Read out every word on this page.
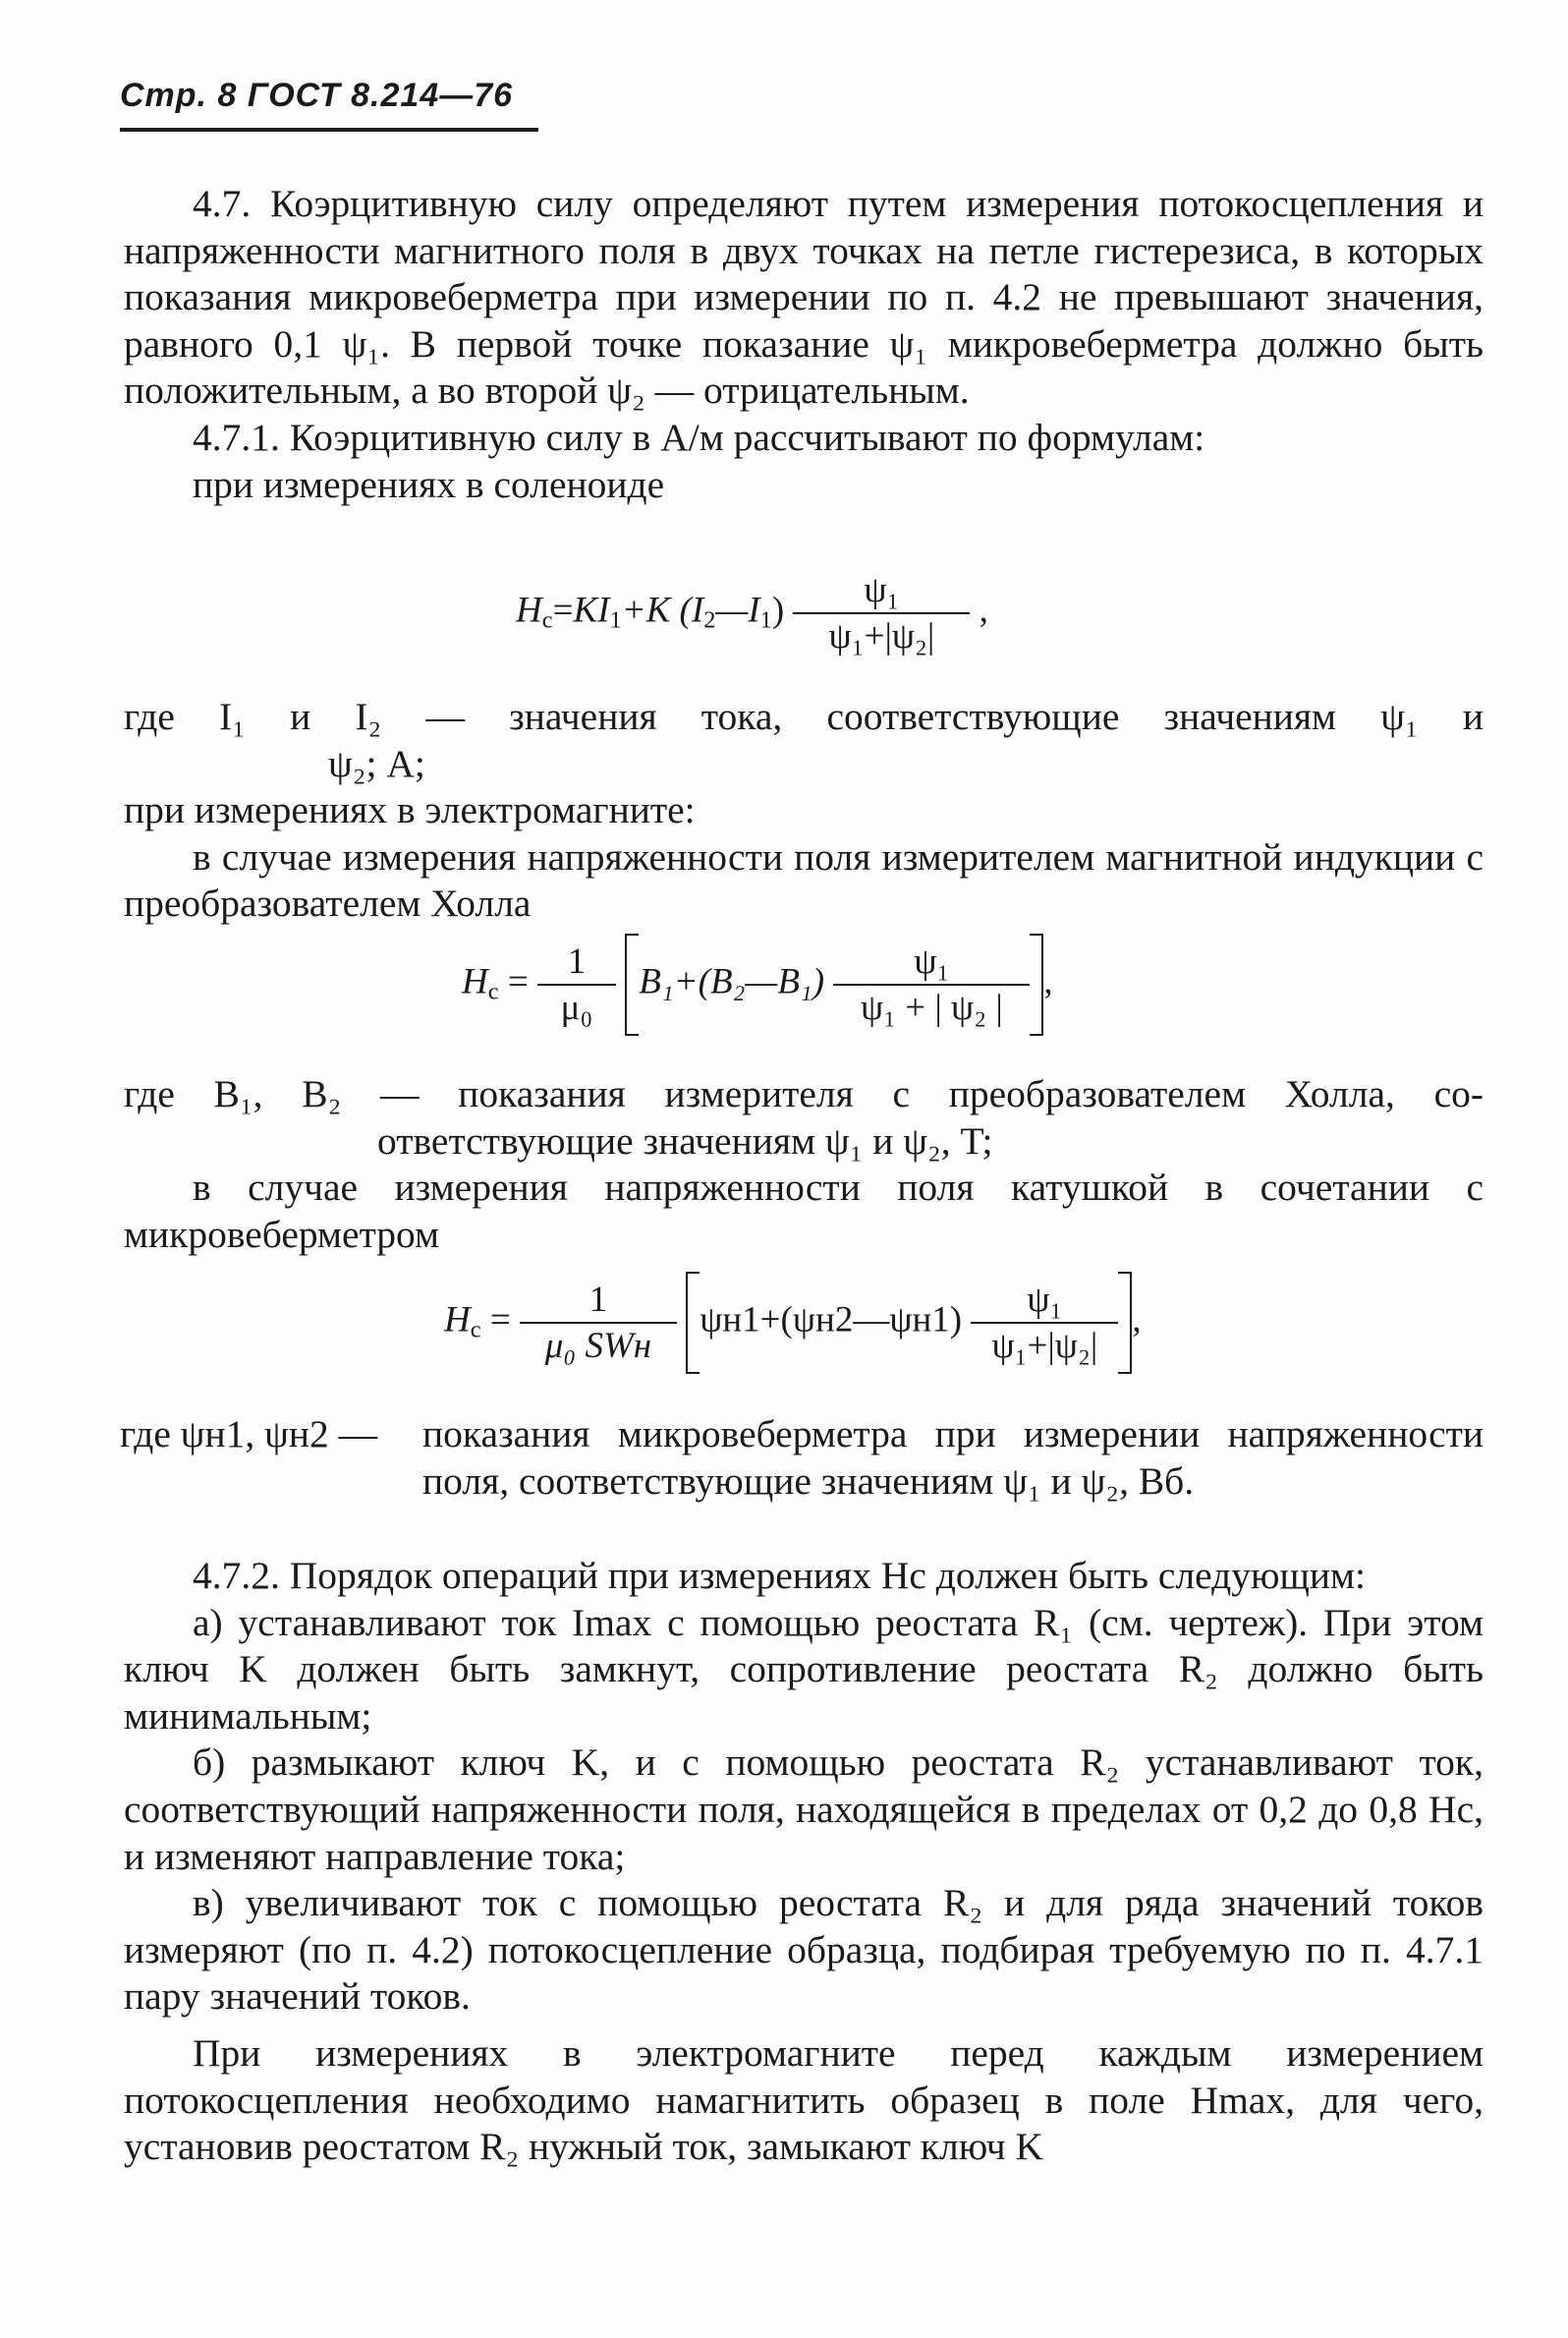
Стр. 8 ГОСТ 8.214—76

4.7. Коэрцитивную силу определяют путем измерения потокосцепления и напряженности магнитного поля в двух точках на петле гистерезиса, в которых показания микровеберметра при измерении по п. 4.2 не превышают значения, равного 0,1 ψ₁. В первой точке показание ψ₁ микровеберметра должно быть положительным, а во второй ψ₂ — отрицательным.

4.7.1. Коэрцитивную силу в А/м рассчитывают по формулам:

при измерениях в соленоиде

$H_c=KI_1+K$ $(I_2—I_1) \frac{\text{ψ₁}}{\text{ψ₁+|ψ₂|}}$ ,

где I₁ и I₂ — значения тока, соответствующие значениям ψ₁ и

ψ₂; А;

при измерениях в электромагните:

в случае измерения напряженности поля измерителем магнитной индукции с преобразователем Холла

$H_c = \frac{1}{\text{μ₀}}$ B₁+(B₂—B₁) $\frac{\text{ψ₁}}{\text{ψ₁ + | ψ₂ |}}$ ,

где B₁, B₂ — показания измерителя с преобразователем Холла, со-

ответствующие значениям ψ₁ и ψ₂, T;

в случае измерения напряженности поля катушкой в сочетании с микровеберметром

$H_c = \frac{1}{\text{μ₀ SWн}}$ ψн1+(ψн2—ψн1) $\frac{\text{ψ₁}}{\text{ψ₁+|ψ₂|}}$ ,
где ψн1, ψн2 — показания микровеберметра при измерении напряженности поля, соответствующие значениям ψ₁ и ψ₂, Вб.

4.7.2. Порядок операций при измерениях Hc должен быть следующим:

а) устанавливают ток Imax с помощью реостата R₁ (см. чертеж). При этом ключ K должен быть замкнут, сопротивление реостата R₂ должно быть минимальным;

б) размыкают ключ K, и с помощью реостата R₂ устанавливают ток, соответствующий напряженности поля, находящейся в пределах от 0,2 до 0,8 Hc, и изменяют направление тока;

в) увеличивают ток с помощью реостата R₂ и для ряда значений токов измеряют (по п. 4.2) потокосцепление образца, подбирая требуемую по п. 4.7.1 пару значений токов.

При измерениях в электромагните перед каждым измерением потокосцепления необходимо намагнитить образец в поле Hmax, для чего, установив реостатом R₂ нужный ток, замыкают ключ K
